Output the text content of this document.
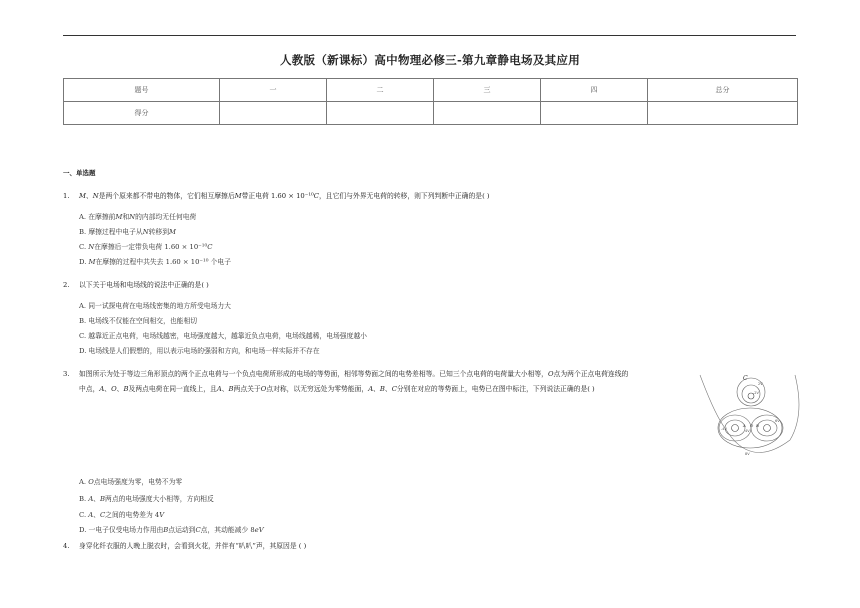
人教版（新课标）高中物理必修三-第九章静电场及其应用
题号	一	二	三	四	总分
得分					
一、单选题
1. 𝑀、𝑁是两个原来都不带电的物体，它们相互摩擦后𝑀带正电荷 1.60 × 10⁻¹⁰𝐶，且它们与外界无电荷的转移，则下列判断中正确的是( )
A. 在摩擦前𝑀和𝑁的内部均无任何电荷
B. 摩擦过程中电子从𝑁转移到𝑀
C. 𝑁在摩擦后一定带负电荷 1.60 × 10⁻¹⁰𝐶
D. 𝑀在摩擦的过程中共失去 1.60 × 10⁻¹⁰ 个电子
2. 以下关于电场和电场线的说法中正确的是( )
A. 同一试探电荷在电场线密集的地方所受电场力大
B. 电场线不仅能在空间相交，也能相切
C. 越靠近正点电荷，电场线越密，电场强度越大，越靠近负点电荷，电场线越稀，电场强度越小
D. 电场线是人们假想的，用以表示电场的强弱和方向，和电场一样实际并不存在
3. 如图所示为处于等边三角形顶点的两个正点电荷与一个负点电荷所形成的电场的等势面，相邻等势面之间的电势差相等。已知三个点电荷的电荷量大小相等，𝑂点为两个正点电荷连线的
中点，𝐴、𝑂、𝐵及两点电荷在同一直线上，且𝐴、𝐵两点关于𝑂点对称，以无穷远处为零势能面，𝐴、𝐵、𝐶分别在对应的等势面上，电势已在图中标注，下列说法正确的是( )
C
2V
-2V
4V
6V
8V
-4V
A O B
A. 𝑂点电场强度为零，电势不为零
B. 𝐴、𝐵两点的电场强度大小相等，方向相反
C. 𝐴、𝐶之间的电势差为 4𝑉
D. 一电子仅受电场力作用由𝐵点运动到𝐶点，其动能减少 8𝑒𝑉
4. 身穿化纤衣服的人晚上脱衣时，会看到火花，并伴有“叭叭”声，其原因是 ( )
